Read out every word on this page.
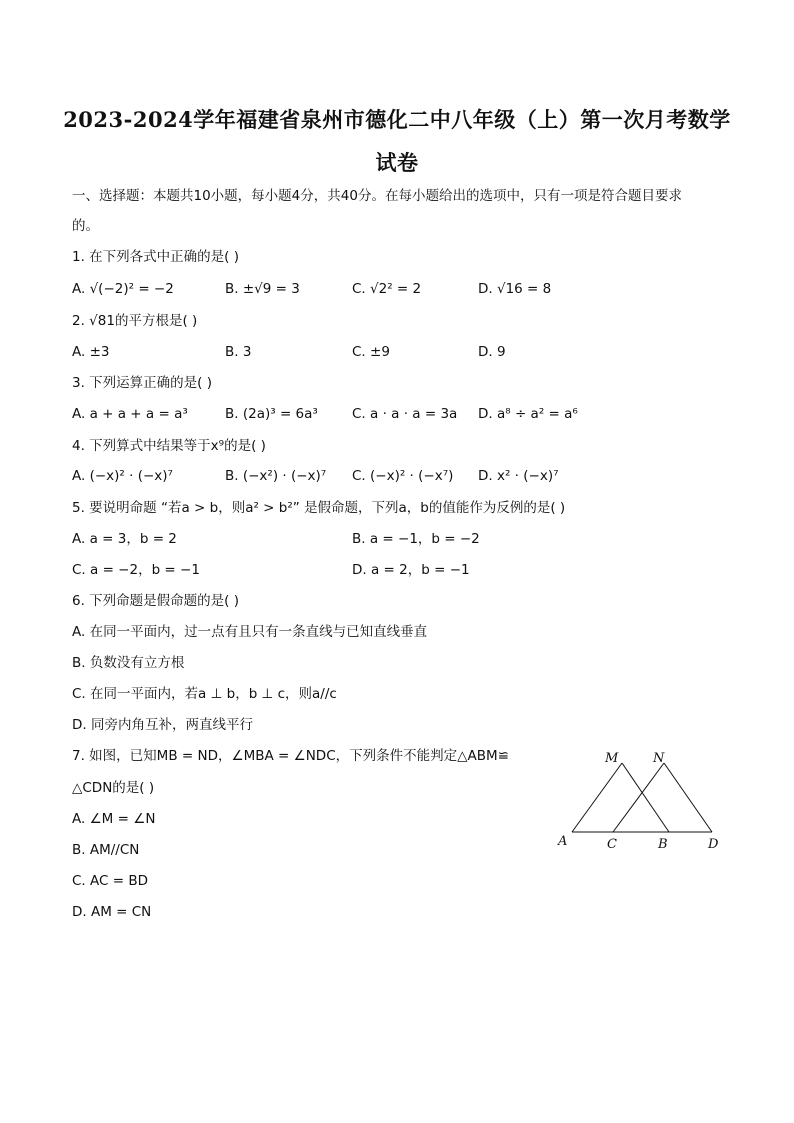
2023-2024学年福建省泉州市德化二中八年级（上）第一次月考数学
试卷
一、选择题：本题共10小题，每小题4分，共40分。在每小题给出的选项中，只有一项是符合题目要求
的。
1. 在下列各式中正确的是( )
A. √(−2)² = −2	B. ±√9 = 3	C. √2² = 2	D. √16 = 8
2. √81的平方根是( )
A. ±3	B. 3	C. ±9	D. 9
3. 下列运算正确的是( )
A. a + a + a = a³	B. (2a)³ = 6a³	C. a · a · a = 3a D. a⁸ ÷ a² = a⁶
4. 下列算式中结果等于x⁹的是( )
A. (−x)² · (−x)⁷	B. (−x²) · (−x)⁷ C. (−x)² · (−x⁷) D. x² · (−x)⁷
5. 要说明命题 “若a > b，则a² > b²” 是假命题，下列a，b的值能作为反例的是( )
A. a = 3，b = 2	B. a = −1，b = −2
C. a = −2，b = −1	D. a = 2，b = −1
6. 下列命题是假命题的是( )
A. 在同一平面内，过一点有且只有一条直线与已知直线垂直
B. 负数没有立方根
C. 在同一平面内，若a ⊥ b，b ⊥ c，则a//c
D. 同旁内角互补，两直线平行
7. 如图，已知MB = ND，∠MBA = ∠NDC，下列条件不能判定△ABM≌
△CDN的是( )
A. ∠M = ∠N
B. AM//CN
C. AC = BD
D. AM = CN
M	N
A	C	B	D
